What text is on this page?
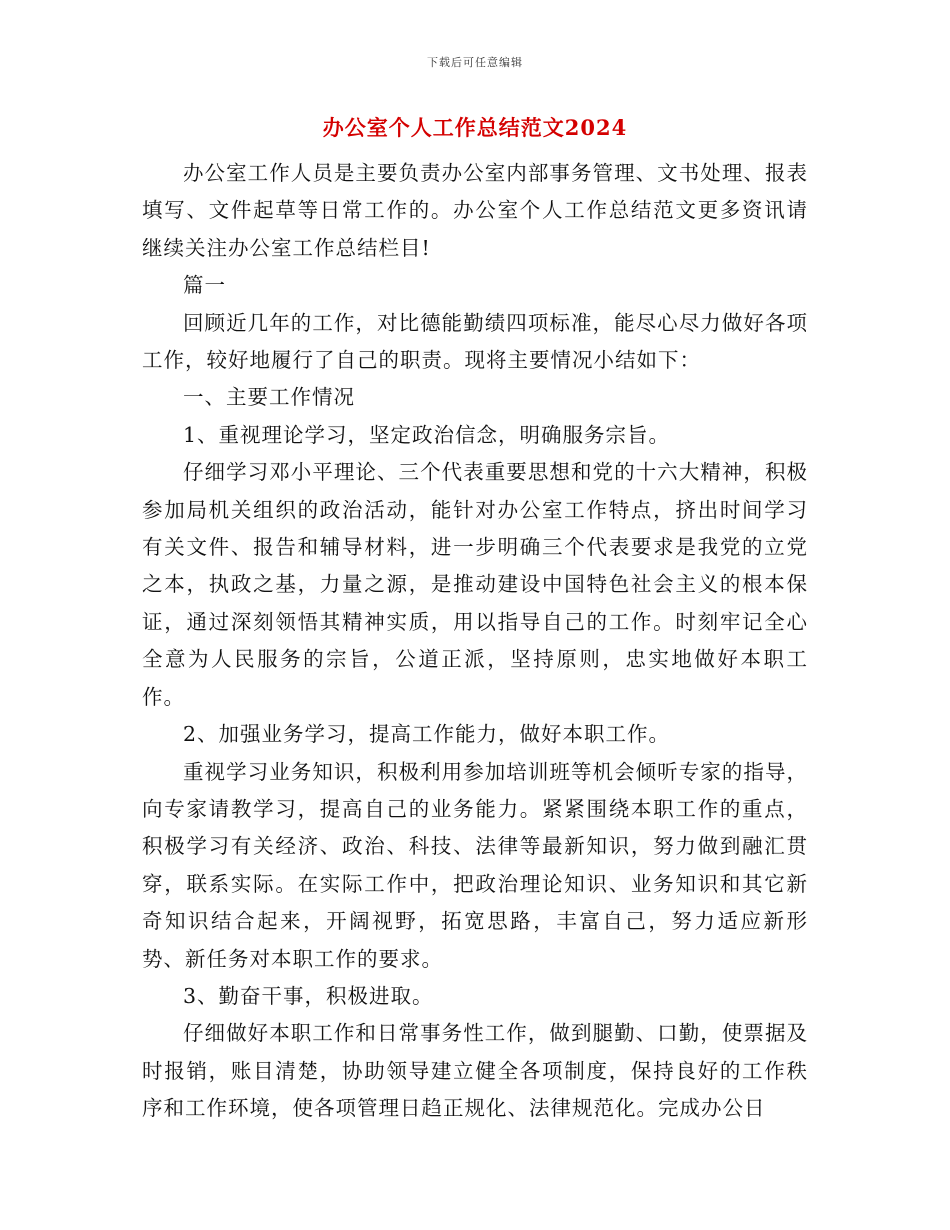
下载后可任意编辑
办公室个人工作总结范文2024

办公室工作人员是主要负责办公室内部事务管理、文书处理、报表填写、文件起草等日常工作的。办公室个人工作总结范文更多资讯请继续关注办公室工作总结栏目!

篇一

回顾近几年的工作，对比德能勤绩四项标准，能尽心尽力做好各项工作，较好地履行了自己的职责。现将主要情况小结如下：

一、主要工作情况

1、重视理论学习，坚定政治信念，明确服务宗旨。

仔细学习邓小平理论、三个代表重要思想和党的十六大精神，积极参加局机关组织的政治活动，能针对办公室工作特点，挤出时间学习有关文件、报告和辅导材料，进一步明确三个代表要求是我党的立党之本，执政之基，力量之源，是推动建设中国特色社会主义的根本保证，通过深刻领悟其精神实质，用以指导自己的工作。时刻牢记全心全意为人民服务的宗旨，公道正派，坚持原则，忠实地做好本职工作。

2、加强业务学习，提高工作能力，做好本职工作。

重视学习业务知识，积极利用参加培训班等机会倾听专家的指导，向专家请教学习，提高自己的业务能力。紧紧围绕本职工作的重点，积极学习有关经济、政治、科技、法律等最新知识，努力做到融汇贯穿，联系实际。在实际工作中，把政治理论知识、业务知识和其它新奇知识结合起来，开阔视野，拓宽思路，丰富自己，努力适应新形势、新任务对本职工作的要求。

3、勤奋干事，积极进取。

仔细做好本职工作和日常事务性工作，做到腿勤、口勤，使票据及时报销，账目清楚，协助领导建立健全各项制度，保持良好的工作秩序和工作环境，使各项管理日趋正规化、法律规范化。完成办公日
